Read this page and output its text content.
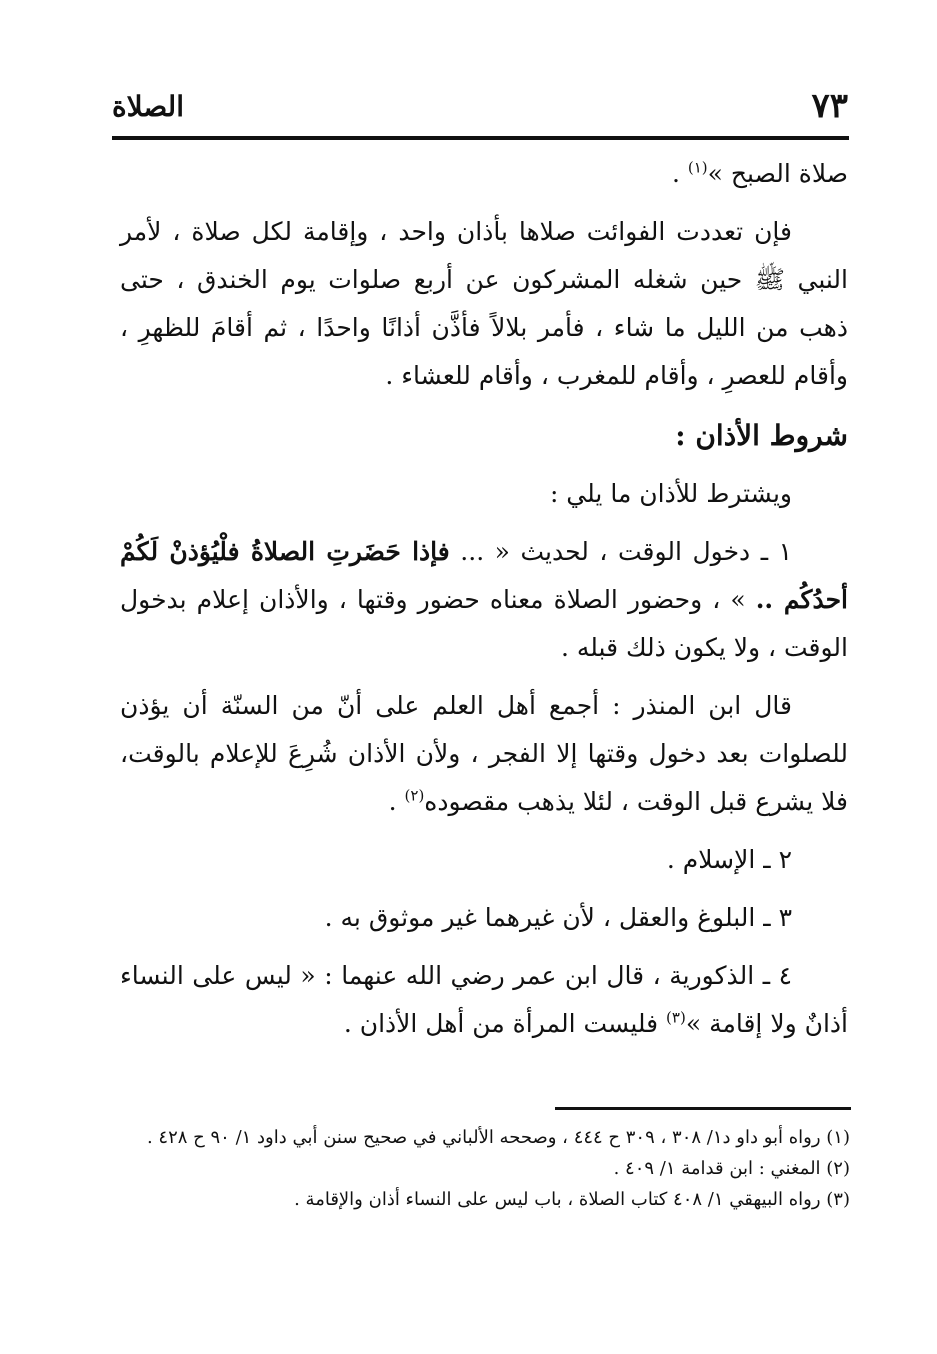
٧٣
الصلاة

صلاة الصبح »$^{(١)}$ .

فإن تعددت الفوائت صلاها بأذان واحد ، وإقامة لكل صلاة ، لأمر النبي ﷺ حين شغله المشركون عن أربع صلوات يوم الخندق ، حتى ذهب من الليل ما شاء ، فأمر بلالاً فأذَّن أذانًا واحدًا ، ثم أقامَ للظهرِ ، وأقام للعصرِ ، وأقام للمغرب ، وأقام للعشاء .

شروط الأذان :

ويشترط للأذان ما يلي :

١ ـ دخول الوقت ، لحديث « ... فإذا حَضَرتِ الصلاةُ فلْيُؤذنْ لَكُمْ أحدُكُم .. » ، وحضور الصلاة معناه حضور وقتها ، والأذان إعلام بدخول الوقت ، ولا يكون ذلك قبله .

قال ابن المنذر : أجمع أهل العلم على أنّ من السنّة أن يؤذن للصلوات بعد دخول وقتها إلا الفجر ، ولأن الأذان شُرِعَ للإعلام بالوقت، فلا يشرع قبل الوقت ، لئلا يذهب مقصوده$^{(٢)}$ .

٢ ـ الإسلام .

٣ ـ البلوغ والعقل ، لأن غيرهما غير موثوق به .

٤ ـ الذكورية ، قال ابن عمر رضي الله عنهما : « ليس على النساء أذانٌ ولا إقامة »$^{(٣)}$ فليست المرأة من أهل الأذان .

(١) رواه أبو داو د١/ ٣٠٨ ، ٣٠٩ ح ٤٤٤ ، وصححه الألباني في صحيح سنن أبي داود ١/ ٩٠ ح ٤٢٨ .

(٢) المغني : ابن قدامة ١/ ٤٠٩ .

(٣) رواه البيهقي ١/ ٤٠٨ كتاب الصلاة ، باب ليس على النساء أذان والإقامة .
